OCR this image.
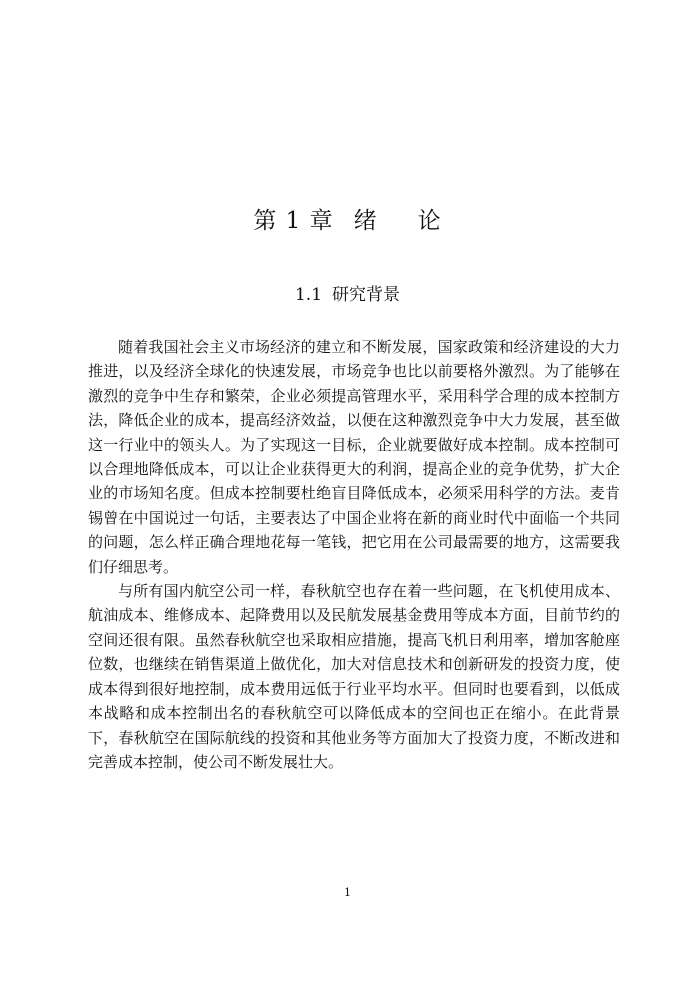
第 1 章 绪 论
1.1 研究背景

随着我国社会主义市场经济的建立和不断发展，国家政策和经济建设的大力推进，以及经济全球化的快速发展，市场竞争也比以前要格外激烈。为了能够在激烈的竞争中生存和繁荣，企业必须提高管理水平，采用科学合理的成本控制方法，降低企业的成本，提高经济效益，以便在这种激烈竞争中大力发展，甚至做这一行业中的领头人。为了实现这一目标，企业就要做好成本控制。成本控制可以合理地降低成本，可以让企业获得更大的利润，提高企业的竞争优势，扩大企业的市场知名度。但成本控制要杜绝盲目降低成本，必须采用科学的方法。麦肯锡曾在中国说过一句话，主要表达了中国企业将在新的商业时代中面临一个共同的问题，怎么样正确合理地花每一笔钱，把它用在公司最需要的地方，这需要我们仔细思考。

与所有国内航空公司一样，春秋航空也存在着一些问题，在飞机使用成本、航油成本、维修成本、起降费用以及民航发展基金费用等成本方面，目前节约的空间还很有限。虽然春秋航空也采取相应措施，提高飞机日利用率，增加客舱座位数，也继续在销售渠道上做优化，加大对信息技术和创新研发的投资力度，使成本得到很好地控制，成本费用远低于行业平均水平。但同时也要看到，以低成本战略和成本控制出名的春秋航空可以降低成本的空间也正在缩小。在此背景下，春秋航空在国际航线的投资和其他业务等方面加大了投资力度，不断改进和完善成本控制，使公司不断发展壮大。

1
